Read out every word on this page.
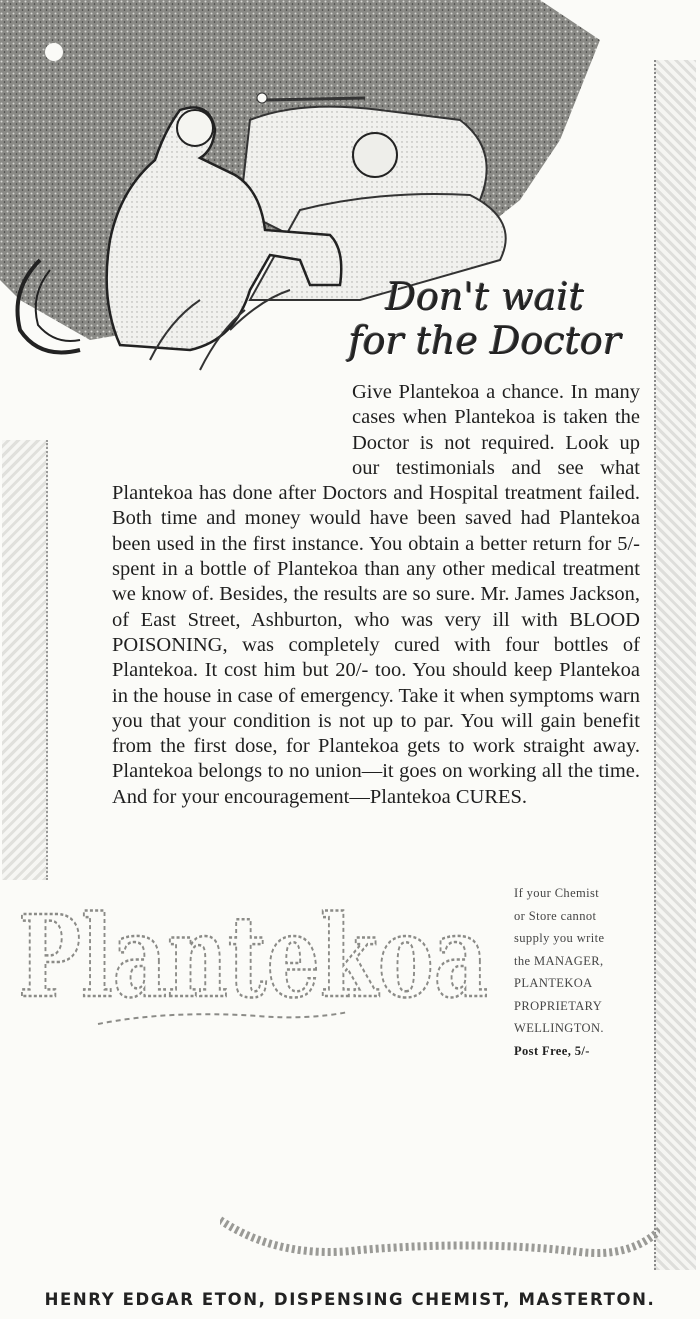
Don't wait
for the Doctor

Give Plantekoa a chance. In many cases when Plantekoa is taken the Doctor is not required. Look up our testimonials and see what Plantekoa has done after Doctors and Hospital treatment failed. Both time and money would have been saved had Plantekoa been used in the first instance. You obtain a better return for 5/- spent in a bottle of Plantekoa than any other medical treatment we know of. Besides, the results are so sure. Mr. James Jackson, of East Street, Ashburton, who was very ill with BLOOD POISONING, was completely cured with four bottles of Plantekoa. It cost him but 20/- too. You should keep Plantekoa in the house in case of emergency. Take it when symptoms warn you that your condition is not up to par. You will gain benefit from the first dose, for Plantekoa gets to work straight away. Plantekoa belongs to no union—it goes on working all the time. And for your encouragement—Plantekoa CURES.

Plantekoa If your Chemist
or Store cannot
supply you write
the MANAGER,
PLANTEKOA
PROPRIETARY
WELLINGTON.
Post Free, 5/-
HENRY EDGAR ETON, DISPENSING CHEMIST, MASTERTON.
